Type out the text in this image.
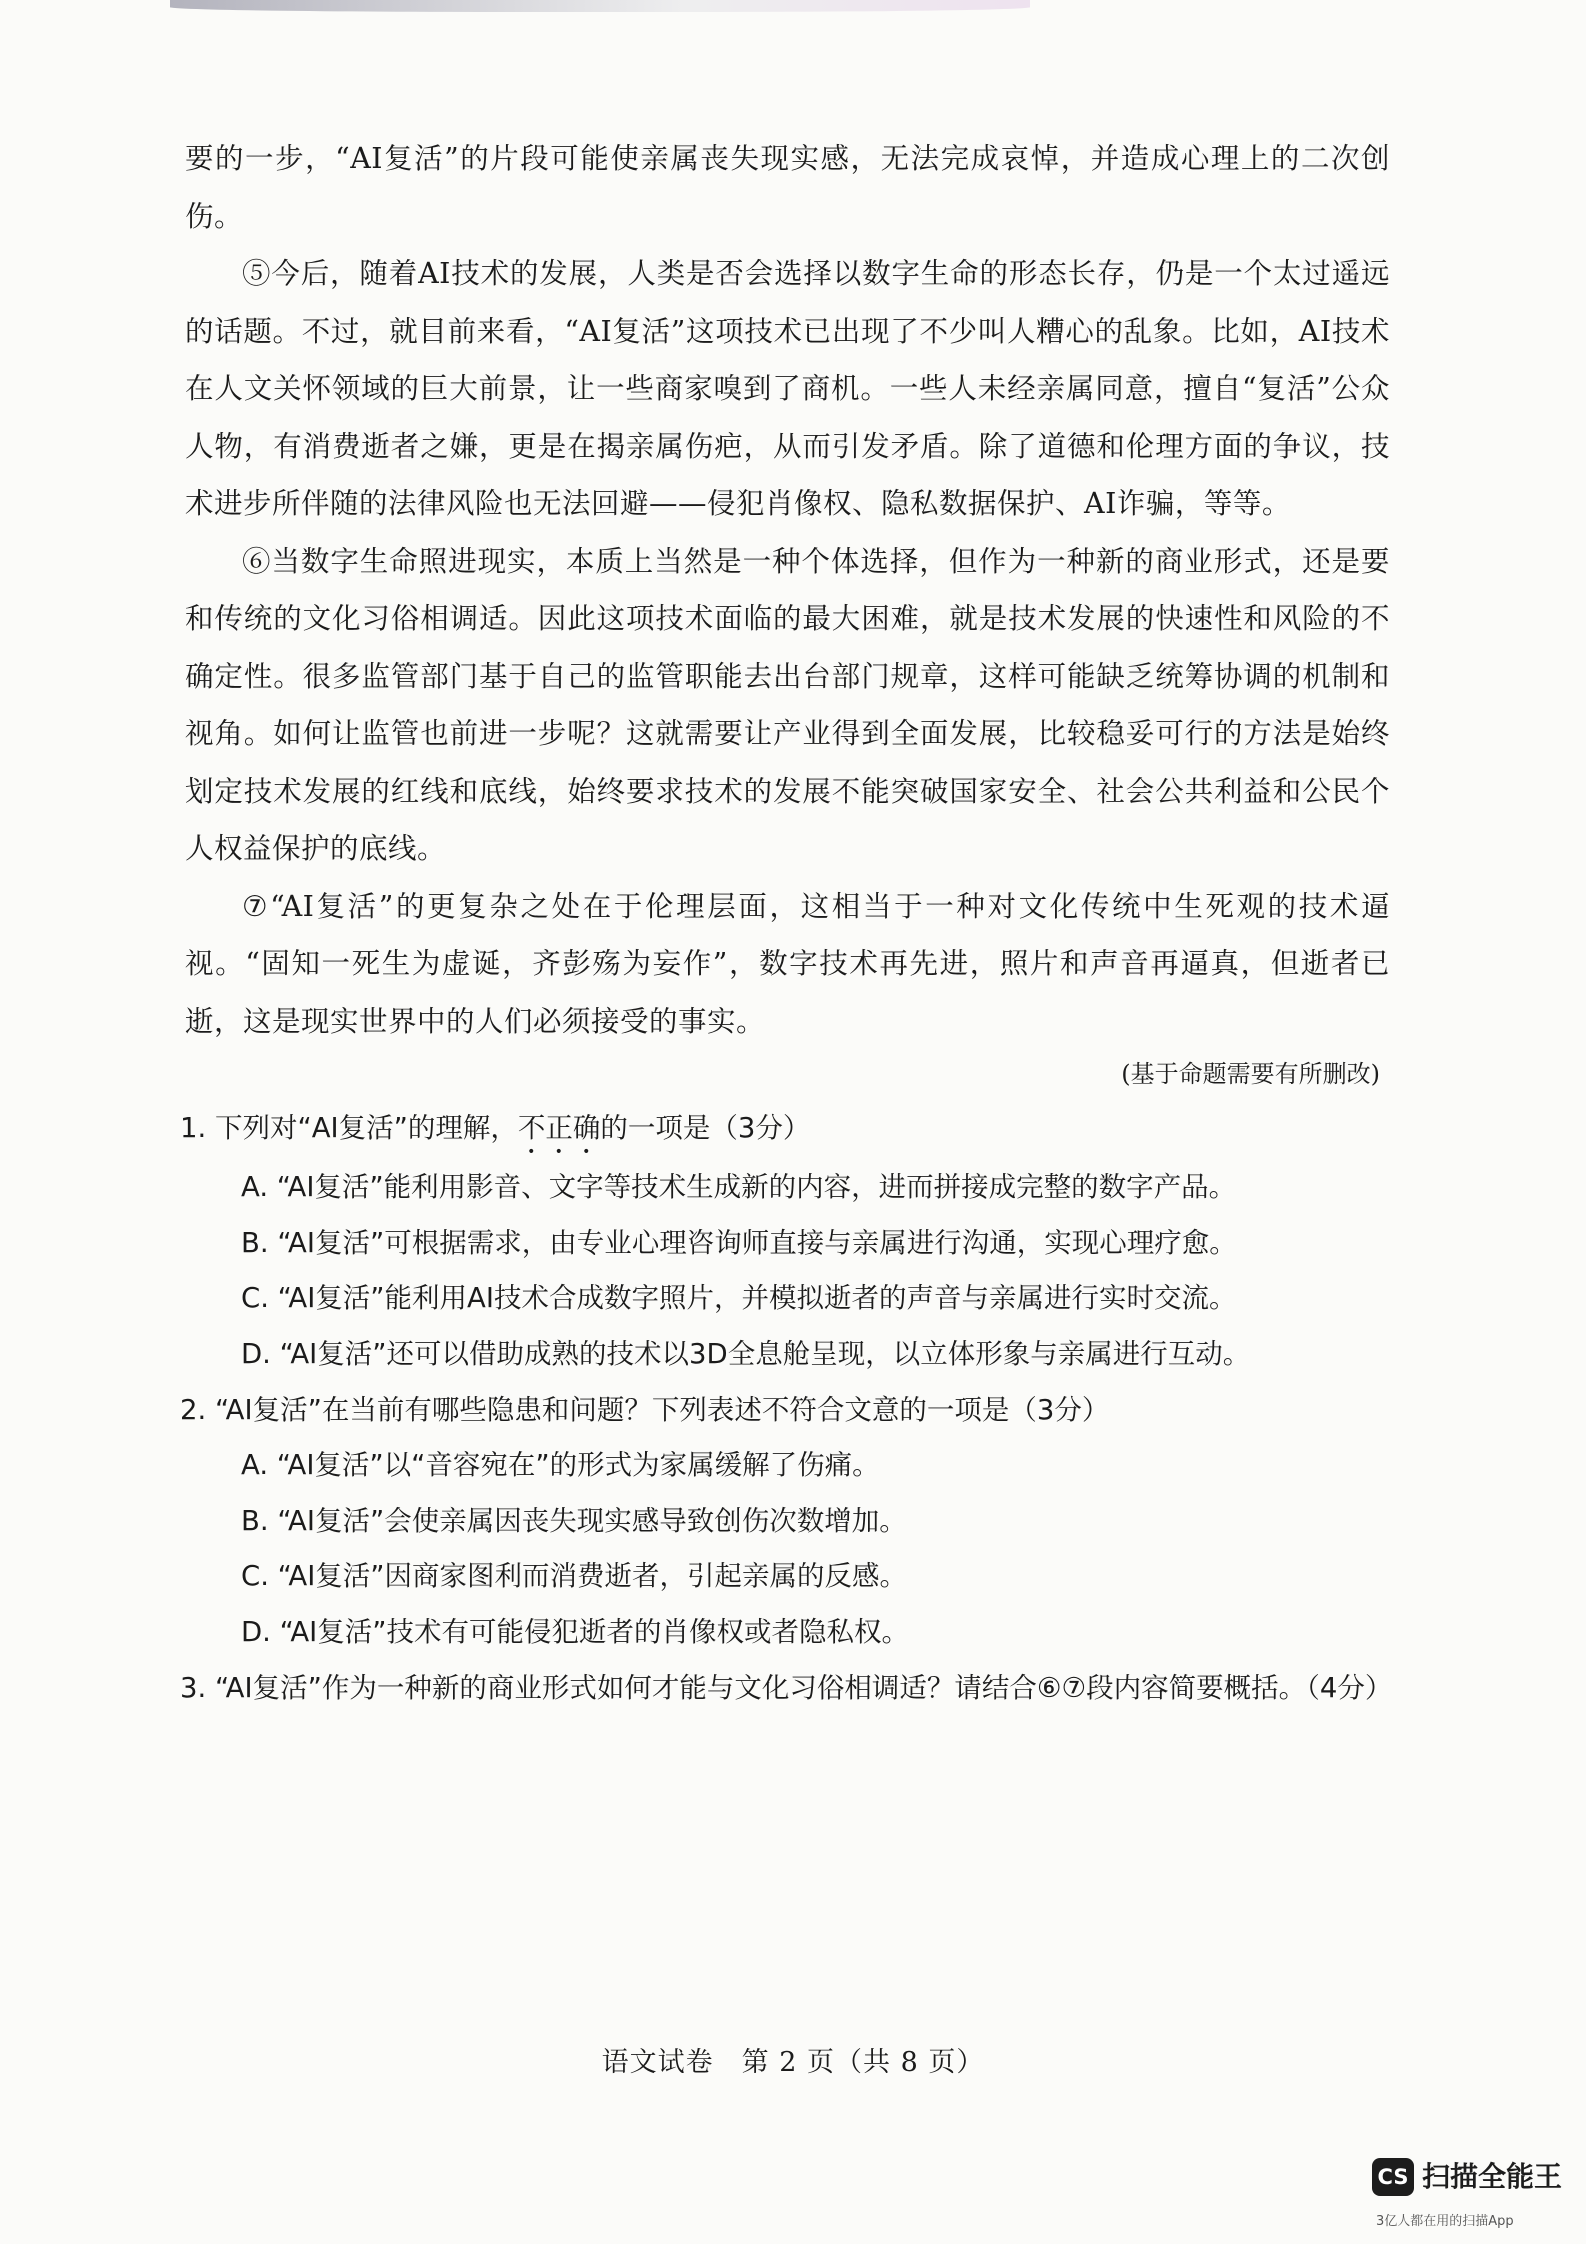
要的一步，“AI复活”的片段可能使亲属丧失现实感，无法完成哀悼，并造成心理上的二次创伤。

⑤今后，随着AI技术的发展，人类是否会选择以数字生命的形态长存，仍是一个太过遥远的话题。不过，就目前来看，“AI复活”这项技术已出现了不少叫人糟心的乱象。比如，AI技术在人文关怀领域的巨大前景，让一些商家嗅到了商机。一些人未经亲属同意，擅自“复活”公众人物，有消费逝者之嫌，更是在揭亲属伤疤，从而引发矛盾。除了道德和伦理方面的争议，技术进步所伴随的法律风险也无法回避——侵犯肖像权、隐私数据保护、AI诈骗，等等。

⑥当数字生命照进现实，本质上当然是一种个体选择，但作为一种新的商业形式，还是要和传统的文化习俗相调适。因此这项技术面临的最大困难，就是技术发展的快速性和风险的不确定性。很多监管部门基于自己的监管职能去出台部门规章，这样可能缺乏统筹协调的机制和视角。如何让监管也前进一步呢？这就需要让产业得到全面发展，比较稳妥可行的方法是始终划定技术发展的红线和底线，始终要求技术的发展不能突破国家安全、社会公共利益和公民个人权益保护的底线。

⑦“AI复活”的更复杂之处在于伦理层面，这相当于一种对文化传统中生死观的技术逼视。“固知一死生为虚诞，齐彭殇为妄作”，数字技术再先进，照片和声音再逼真，但逝者已逝，这是现实世界中的人们必须接受的事实。

(基于命题需要有所删改)

1. 下列对“AI复活”的理解，不正确的一项是（3分）

A. “AI复活”能利用影音、文字等技术生成新的内容，进而拼接成完整的数字产品。

B. “AI复活”可根据需求，由专业心理咨询师直接与亲属进行沟通，实现心理疗愈。

C. “AI复活”能利用AI技术合成数字照片，并模拟逝者的声音与亲属进行实时交流。

D. “AI复活”还可以借助成熟的技术以3D全息舱呈现，以立体形象与亲属进行互动。

2. “AI复活”在当前有哪些隐患和问题？下列表述不符合文意的一项是（3分）

A. “AI复活”以“音容宛在”的形式为家属缓解了伤痛。

B. “AI复活”会使亲属因丧失现实感导致创伤次数增加。

C. “AI复活”因商家图利而消费逝者，引起亲属的反感。

D. “AI复活”技术有可能侵犯逝者的肖像权或者隐私权。

3. “AI复活”作为一种新的商业形式如何才能与文化习俗相调适？请结合⑥⑦段内容简要概括。（4分）

语文试卷　第 2 页（共 8 页）
CS 扫描全能王
3亿人都在用的扫描App
